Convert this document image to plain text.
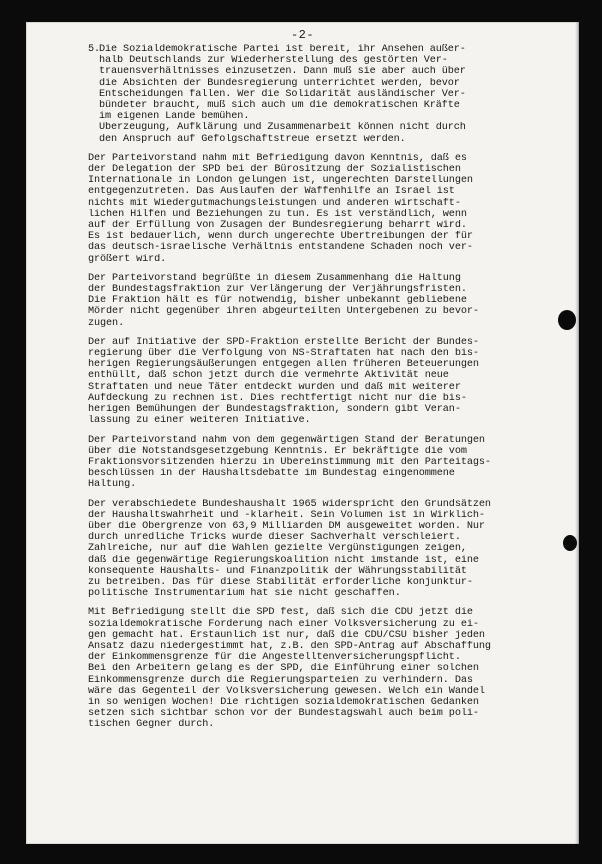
-2-
5.
Die Sozialdemokratische Partei ist bereit, ihr Ansehen außer-
halb Deutschlands zur Wiederherstellung des gestörten Ver-
trauensverhältnisses einzusetzen. Dann muß sie aber auch über
die Absichten der Bundesregierung unterrichtet werden, bevor
Entscheidungen fallen. Wer die Solidarität ausländischer Ver-
bündeter braucht, muß sich auch um die demokratischen Kräfte
im eigenen Lande bemühen.
Überzeugung, Aufklärung und Zusammenarbeit können nicht durch
den Anspruch auf Gefolgschaftstreue ersetzt werden.
Der Parteivorstand nahm mit Befriedigung davon Kenntnis, daß es
der Delegation der SPD bei der Bürositzung der Sozialistischen
Internationale in London gelungen ist, ungerechten Darstellungen
entgegenzutreten. Das Auslaufen der Waffenhilfe an Israel ist
nichts mit Wiedergutmachungsleistungen und anderen wirtschaft-
lichen Hilfen und Beziehungen zu tun. Es ist verständlich, wenn
auf der Erfüllung von Zusagen der Bundesregierung beharrt wird.
Es ist bedauerlich, wenn durch ungerechte Übertreibungen der für
das deutsch-israelische Verhältnis entstandene Schaden noch ver-
größert wird.
Der Parteivorstand begrüßte in diesem Zusammenhang die Haltung
der Bundestagsfraktion zur Verlängerung der Verjährungsfristen.
Die Fraktion hält es für notwendig, bisher unbekannt gebliebene
Mörder nicht gegenüber ihren abgeurteilten Untergebenen zu bevor-
zugen.
Der auf Initiative der SPD-Fraktion erstellte Bericht der Bundes-
regierung über die Verfolgung von NS-Straftaten hat nach den bis-
herigen Regierungsäußerungen entgegen allen früheren Beteuerungen
enthüllt, daß schon jetzt durch die vermehrte Aktivität neue
Straftaten und neue Täter entdeckt wurden und daß mit weiterer
Aufdeckung zu rechnen ist. Dies rechtfertigt nicht nur die bis-
herigen Bemühungen der Bundestagsfraktion, sondern gibt Veran-
lassung zu einer weiteren Initiative.
Der Parteivorstand nahm von dem gegenwärtigen Stand der Beratungen
über die Notstandsgesetzgebung Kenntnis. Er bekräftigte die vom
Fraktionsvorsitzenden hierzu in Übereinstimmung mit den Parteitags-
beschlüssen in der Haushaltsdebatte im Bundestag eingenommene
Haltung.
Der verabschiedete Bundeshaushalt 1965 widerspricht den Grundsätzen
der Haushaltswahrheit und -klarheit. Sein Volumen ist in Wirklich-
über die Obergrenze von 63,9 Milliarden DM ausgeweitet worden. Nur
durch unredliche Tricks wurde dieser Sachverhalt verschleiert.
Zahlreiche, nur auf die Wahlen gezielte Vergünstigungen zeigen,
daß die gegenwärtige Regierungskoalition nicht imstande ist, eine
konsequente Haushalts- und Finanzpolitik der Währungsstabilität
zu betreiben. Das für diese Stabilität erforderliche konjunktur-
politische Instrumentarium hat sie nicht geschaffen.
Mit Befriedigung stellt die SPD fest, daß sich die CDU jetzt die
sozialdemokratische Forderung nach einer Volksversicherung zu ei-
gen gemacht hat. Erstaunlich ist nur, daß die CDU/CSU bisher jeden
Ansatz dazu niedergestimmt hat, z.B. den SPD-Antrag auf Abschaffung
der Einkommensgrenze für die Angestelltenversicherungspflicht.
Bei den Arbeitern gelang es der SPD, die Einführung einer solchen
Einkommensgrenze durch die Regierungsparteien zu verhindern. Das
wäre das Gegenteil der Volksversicherung gewesen. Welch ein Wandel
in so wenigen Wochen! Die richtigen sozialdemokratischen Gedanken
setzen sich sichtbar schon vor der Bundestagswahl auch beim poli-
tischen Gegner durch.
